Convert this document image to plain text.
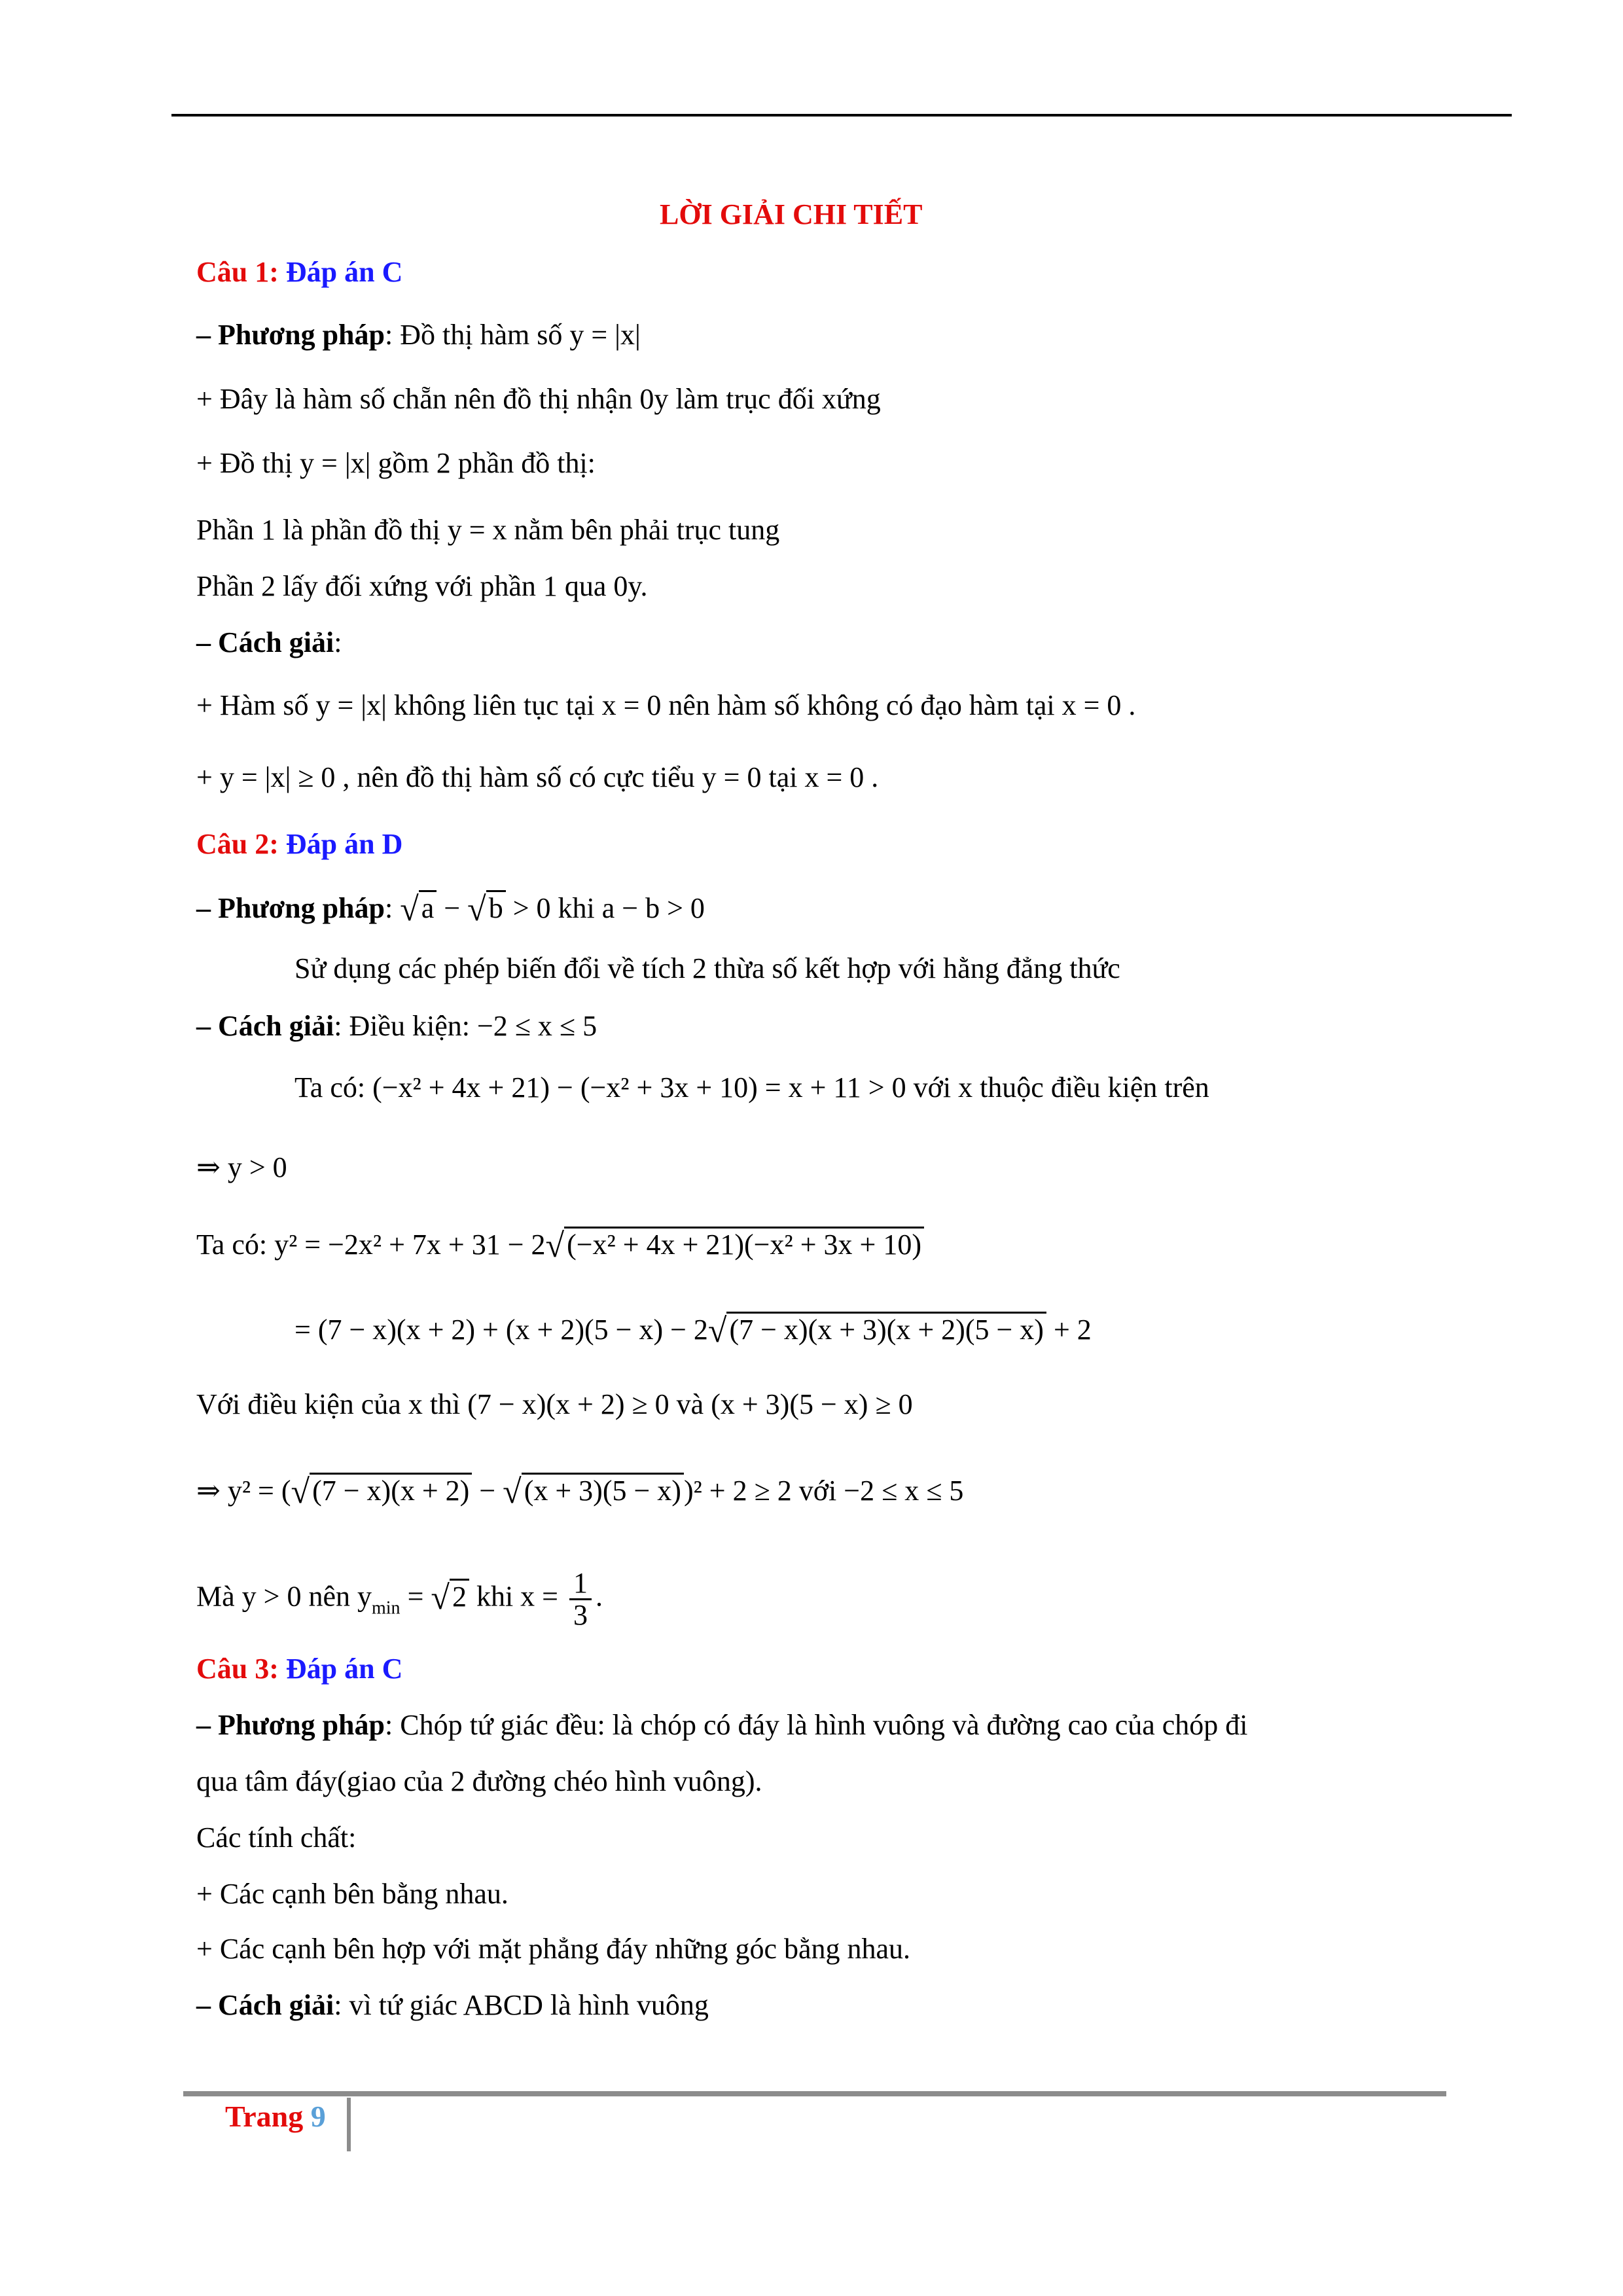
LỜI GIẢI CHI TIẾT
Câu 1: Đáp án C
– Phương pháp: Đồ thị hàm số y = |x|
+ Đây là hàm số chẵn nên đồ thị nhận 0y làm trục đối xứng
+ Đồ thị y = |x| gồm 2 phần đồ thị:
Phần 1 là phần đồ thị y = x nằm bên phải trục tung
Phần 2 lấy đối xứng với phần 1 qua 0y.
– Cách giải:
+ Hàm số y = |x| không liên tục tại x = 0 nên hàm số không có đạo hàm tại x = 0 .
+ y = |x| ≥ 0 , nên đồ thị hàm số có cực tiểu y = 0 tại x = 0 .
Câu 2: Đáp án D
– Phương pháp: √a − √b > 0 khi a − b > 0
Sử dụng các phép biến đổi về tích 2 thừa số kết hợp với hằng đẳng thức
– Cách giải: Điều kiện: −2 ≤ x ≤ 5
Ta có: (−x² + 4x + 21) − (−x² + 3x + 10) = x + 11 > 0 với x thuộc điều kiện trên
⇒ y > 0
Ta có: y² = −2x² + 7x + 31 − 2√(−x² + 4x + 21)(−x² + 3x + 10)
= (7 − x)(x + 2) + (x + 2)(5 − x) − 2√(7 − x)(x + 3)(x + 2)(5 − x) + 2
Với điều kiện của x thì (7 − x)(x + 2) ≥ 0 và (x + 3)(5 − x) ≥ 0
⇒ y² = (√(7 − x)(x + 2) − √(x + 3)(5 − x))² + 2 ≥ 2 với −2 ≤ x ≤ 5
Mà y > 0 nên $y_{min} = √2$ khi $x = \frac{1}{3}$ .
Câu 3: Đáp án C
– Phương pháp: Chóp tứ giác đều: là chóp có đáy là hình vuông và đường cao của chóp đi
qua tâm đáy(giao của 2 đường chéo hình vuông).
Các tính chất:
+ Các cạnh bên bằng nhau.
+ Các cạnh bên hợp với mặt phẳng đáy những góc bằng nhau.
– Cách giải: vì tứ giác ABCD là hình vuông
Trang 9
